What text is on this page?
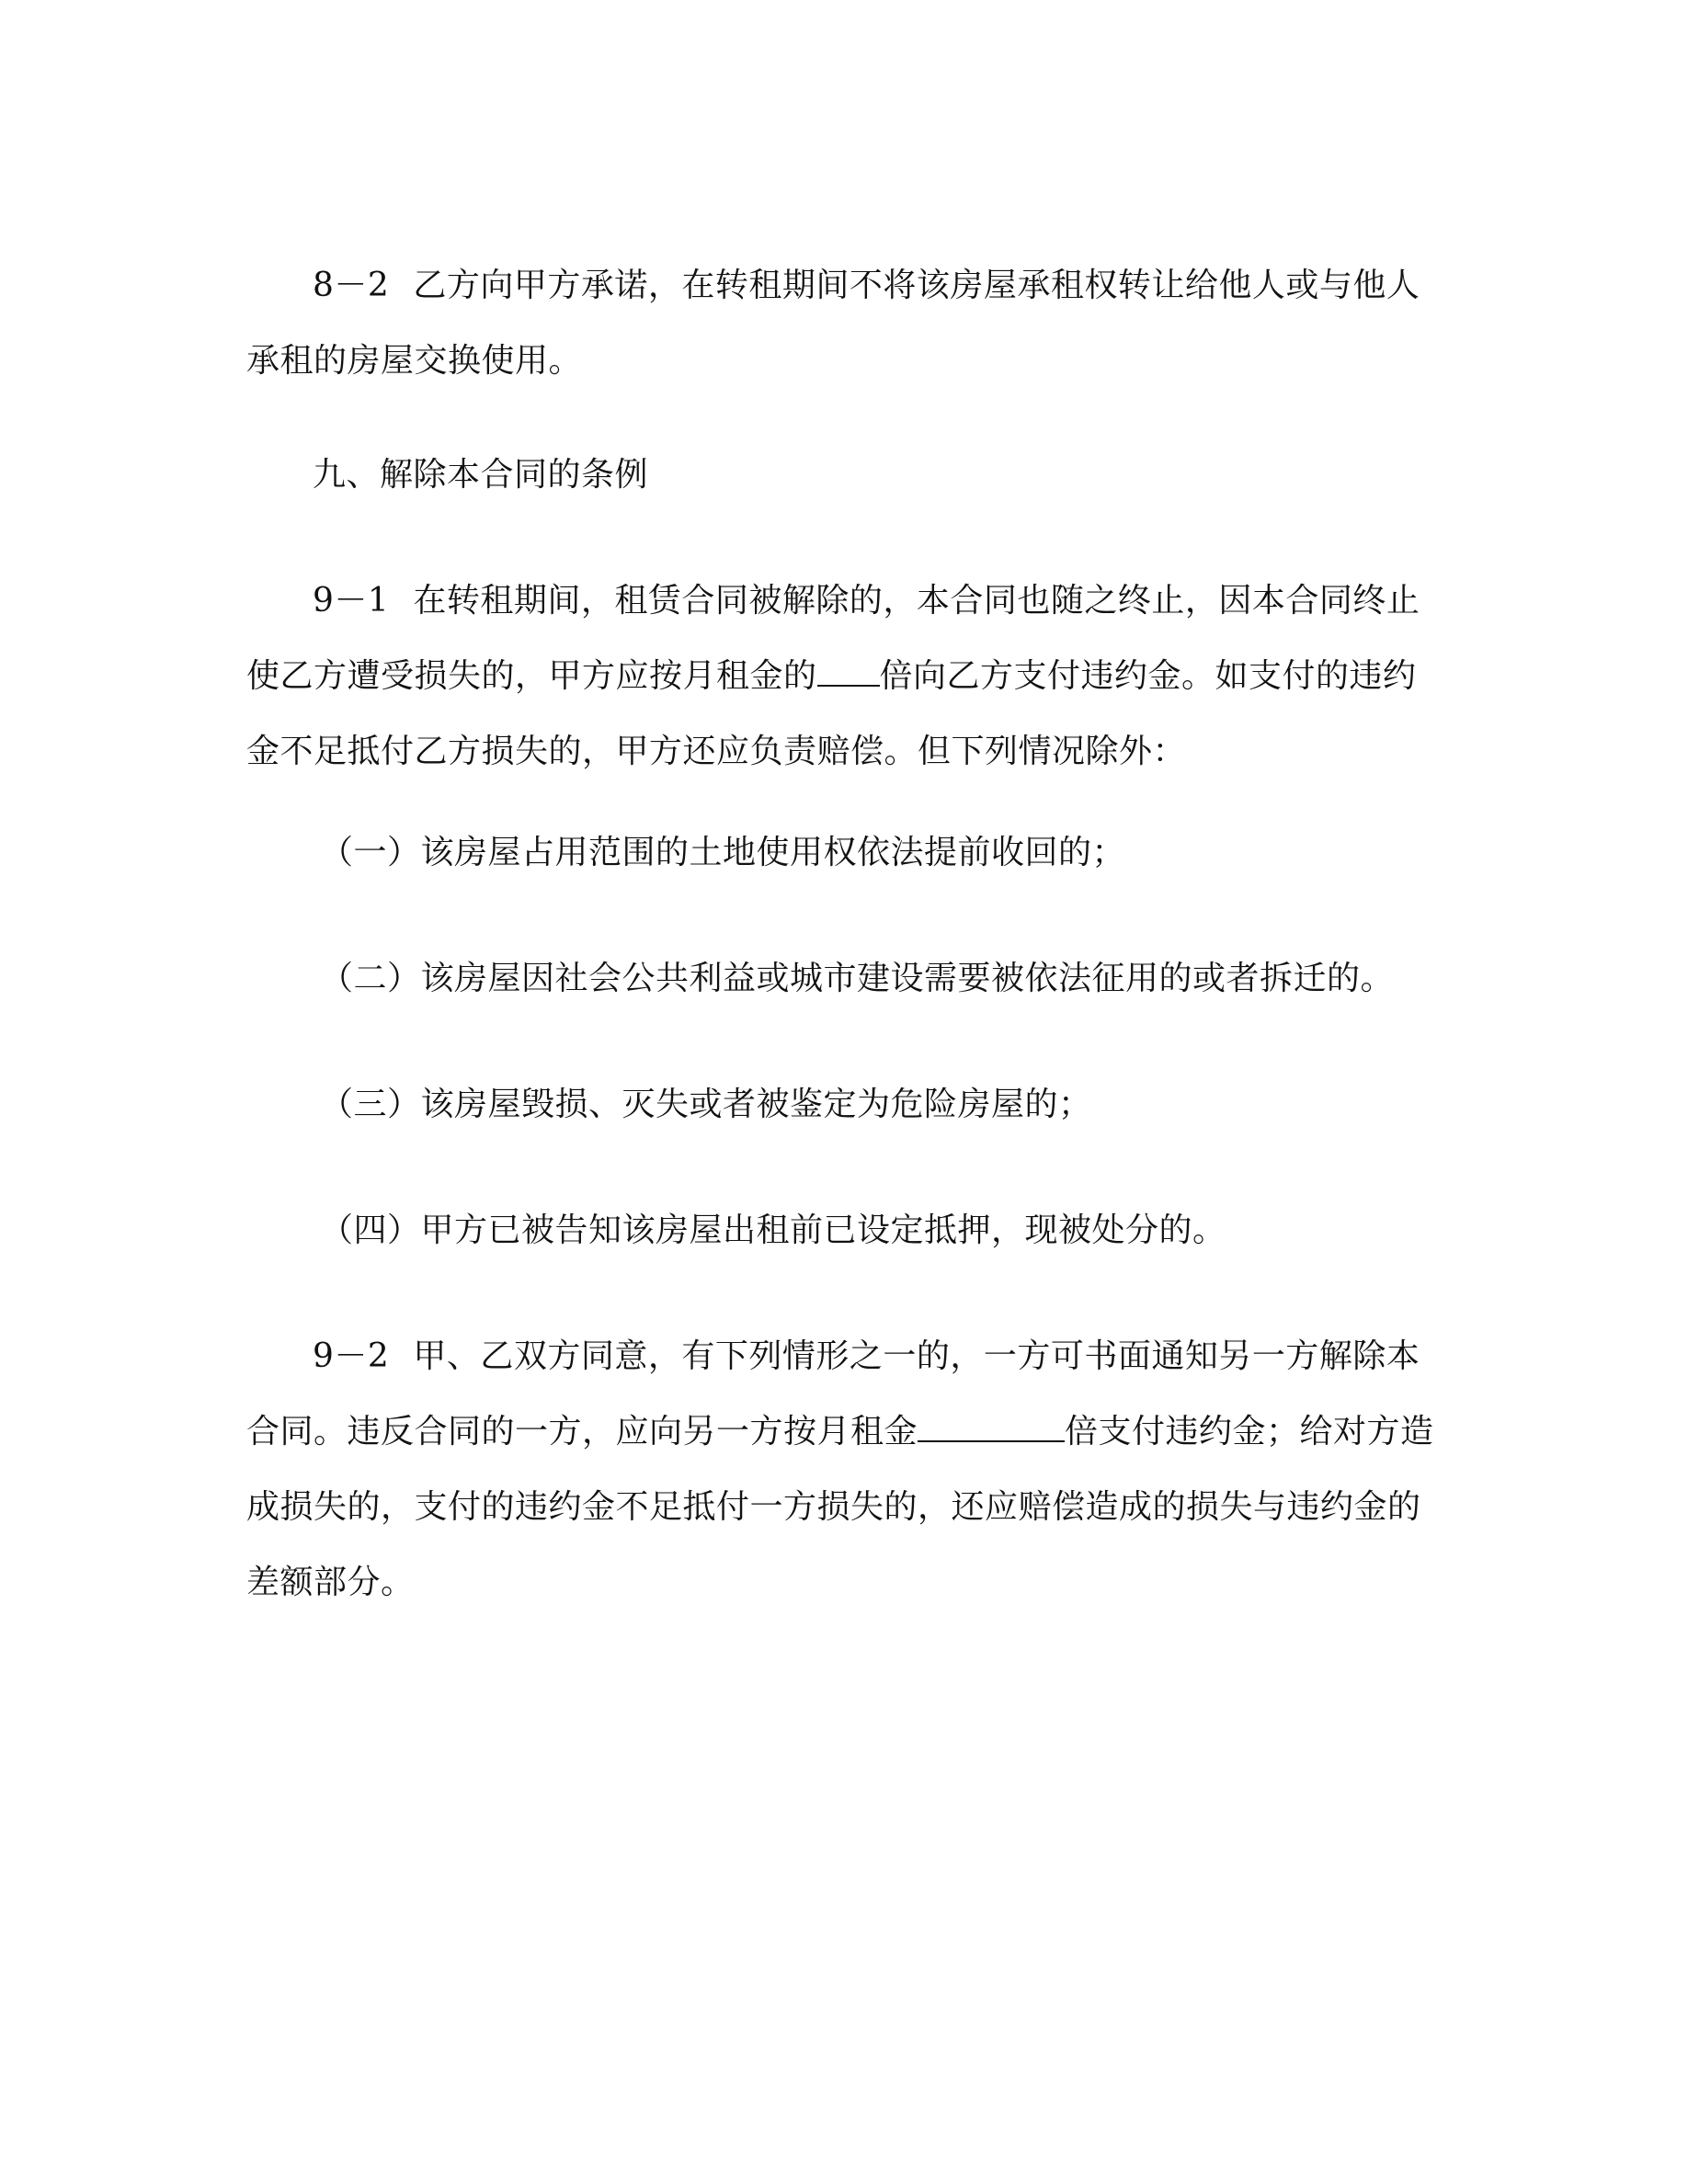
8－2 乙方向甲方承诺，在转租期间不将该房屋承租权转让给他人或与他人承租的房屋交换使用。

九、解除本合同的条例

9－1 在转租期间，租赁合同被解除的，本合同也随之终止，因本合同终止使乙方遭受损失的，甲方应按月租金的 倍向乙方支付违约金。如支付的违约金不足抵付乙方损失的，甲方还应负责赔偿。但下列情况除外：

（一）该房屋占用范围的土地使用权依法提前收回的；

（二）该房屋因社会公共利益或城市建设需要被依法征用的或者拆迁的。

（三）该房屋毁损、灭失或者被鉴定为危险房屋的；

（四）甲方已被告知该房屋出租前已设定抵押，现被处分的。

9－2 甲、乙双方同意，有下列情形之一的，一方可书面通知另一方解除本合同。违反合同的一方，应向另一方按月租金	倍支付违约金；给对方造成损失的，支付的违约金不足抵付一方损失的，还应赔偿造成的损失与违约金的差额部分。
